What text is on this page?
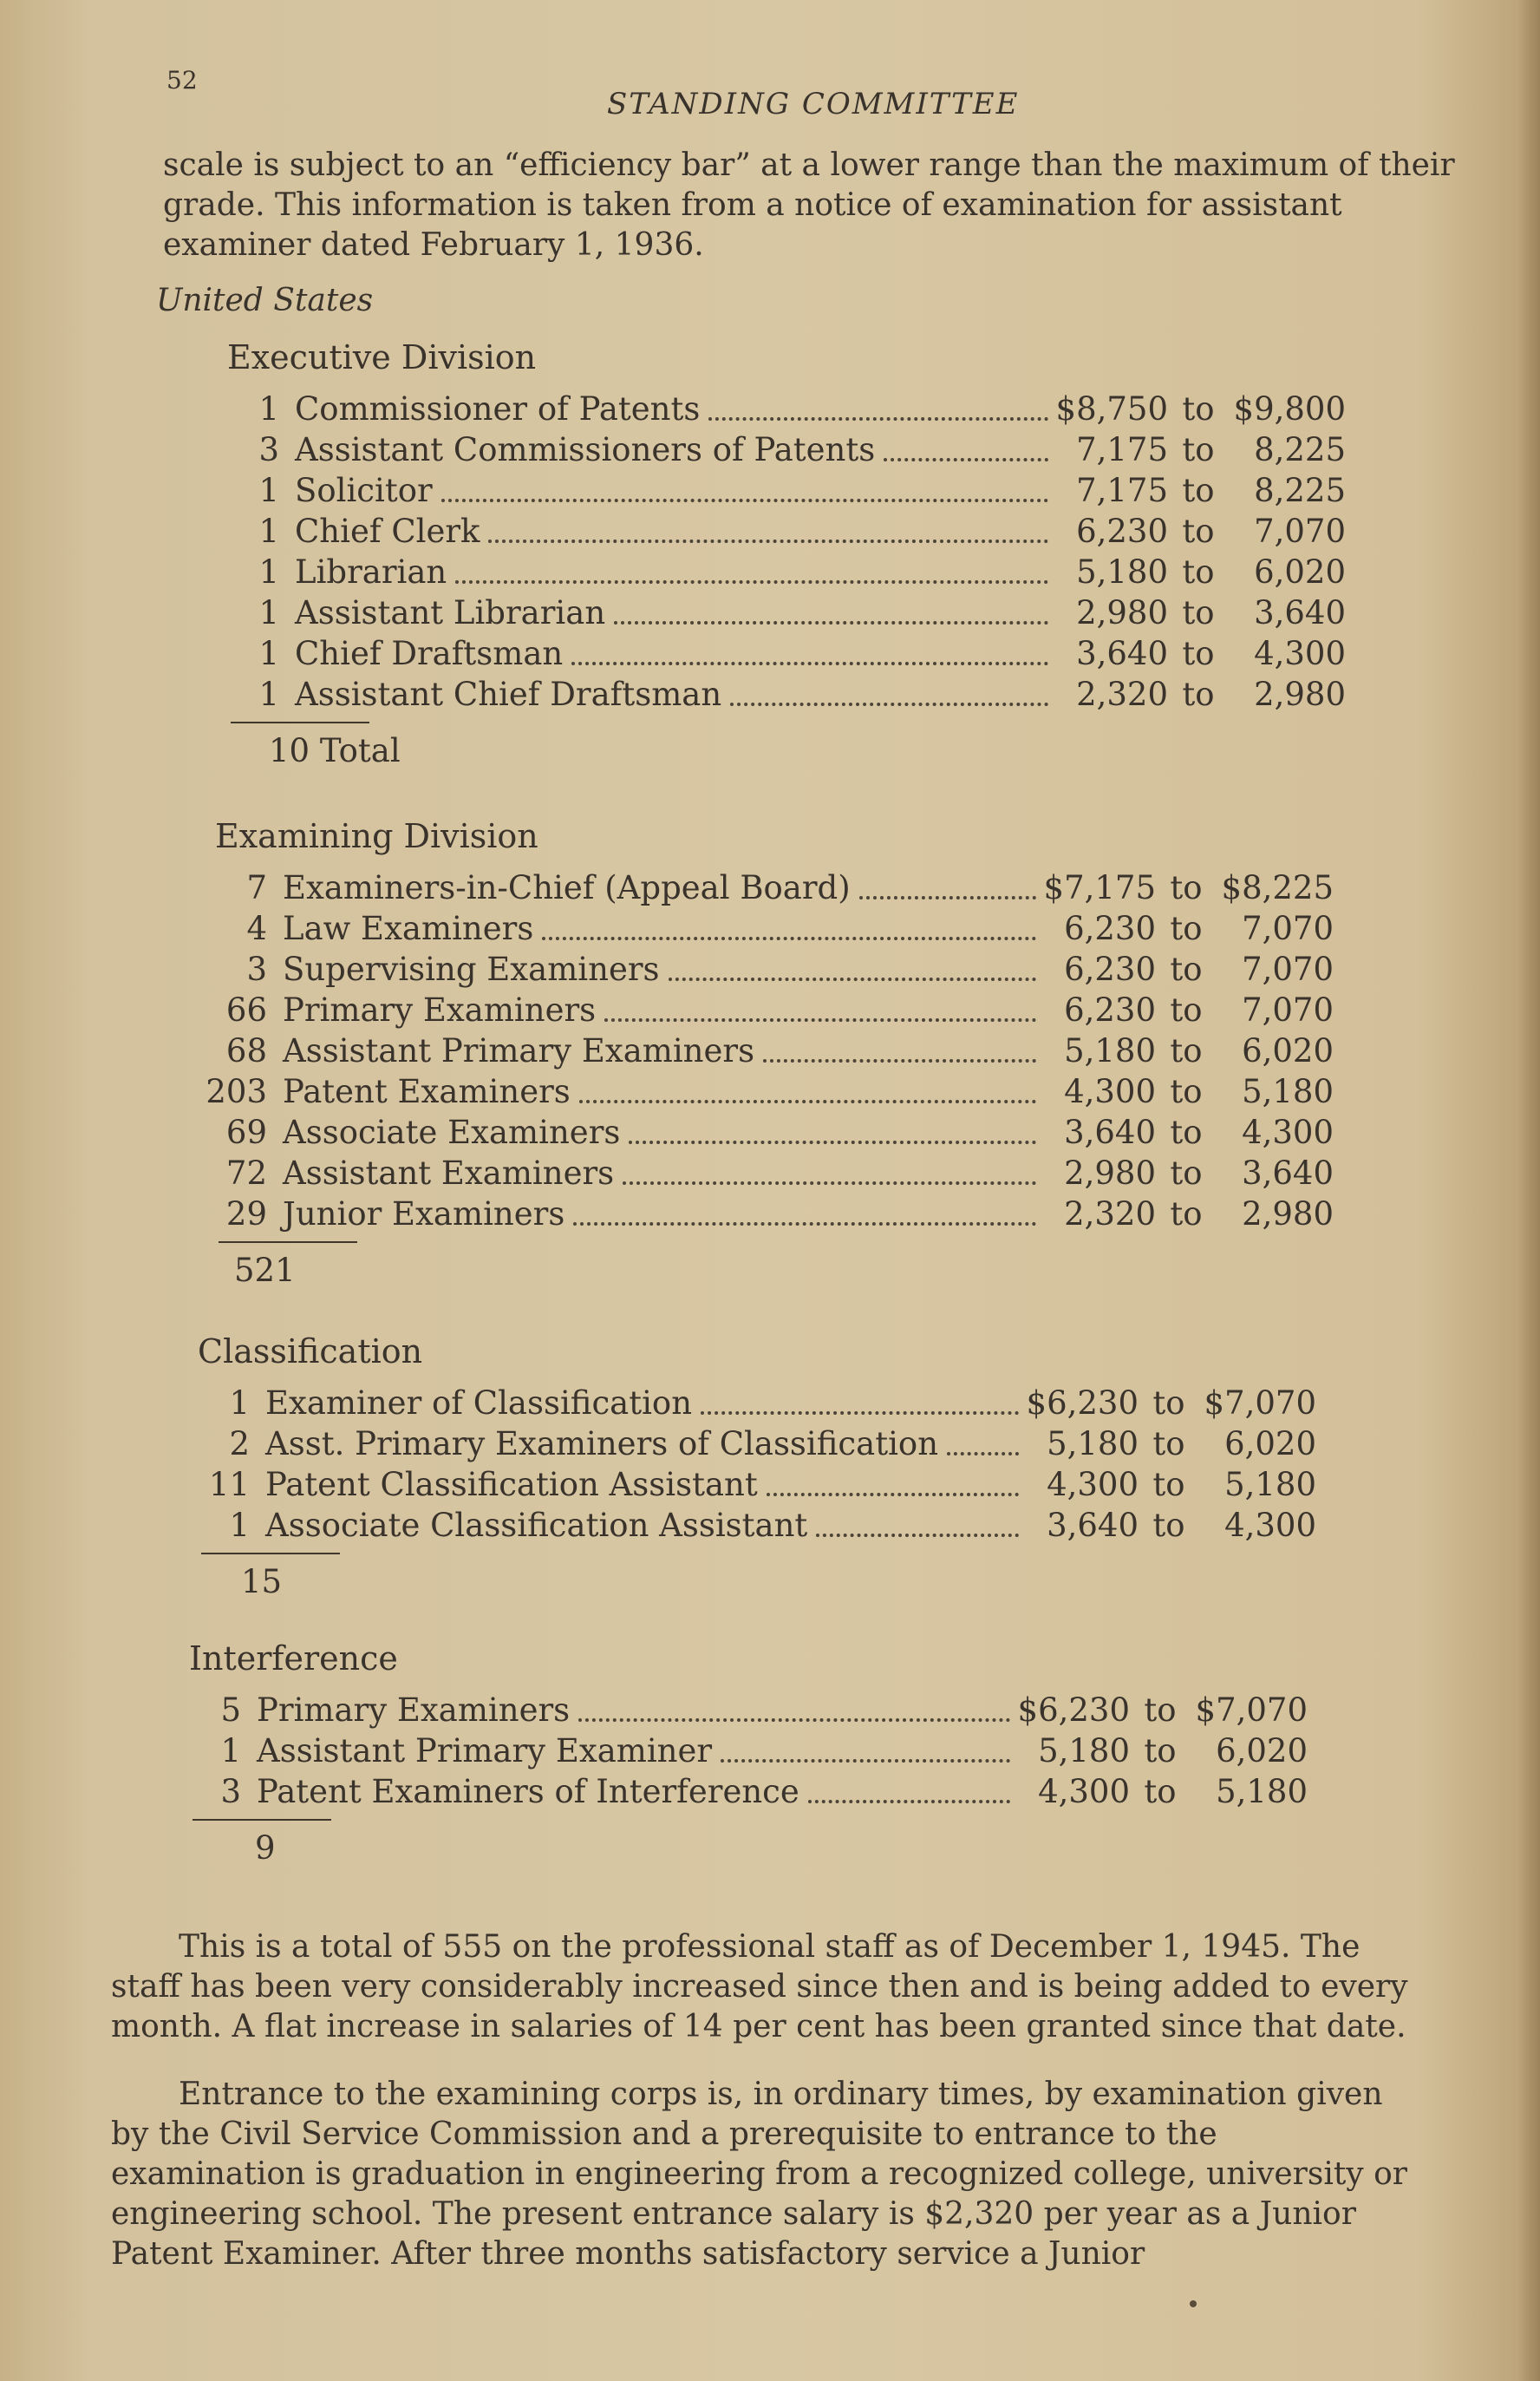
52
STANDING COMMITTEE
scale is subject to an “efficiency bar” at a lower range than the maximum of their grade. This information is taken from a notice of examination for assistant examiner dated February 1, 1936.
United States
Executive Division
1 Commissioner of Patents	$8,750 to $9,800
3 Assistant Commissioners of Patents	7,175 to 8,225
1 Solicitor	7,175 to 8,225
1 Chief Clerk	6,230 to 7,070
1 Librarian	5,180 to 6,020
1 Assistant Librarian	2,980 to 3,640
1 Chief Draftsman	3,640 to 4,300
1 Assistant Chief Draftsman	2,320 to 2,980
10 Total
Examining Division
7 Examiners-in-Chief (Appeal Board)	$7,175 to $8,225
4 Law Examiners	6,230 to 7,070
3 Supervising Examiners	6,230 to 7,070
66 Primary Examiners	6,230 to 7,070
68 Assistant Primary Examiners	5,180 to 6,020
203 Patent Examiners	4,300 to 5,180
69 Associate Examiners	3,640 to 4,300
72 Assistant Examiners	2,980 to 3,640
29 Junior Examiners	2,320 to 2,980
521
Classification
1 Examiner of Classification	$6,230 to $7,070
2 Asst. Primary Examiners of Classification	5,180 to 6,020
11 Patent Classification Assistant	4,300 to 5,180
1 Associate Classification Assistant	3,640 to 4,300
15
Interference
5 Primary Examiners	$6,230 to $7,070
1 Assistant Primary Examiner	5,180 to 6,020
3 Patent Examiners of Interference	4,300 to 5,180
9
This is a total of 555 on the professional staff as of December 1, 1945. The staff has been very considerably increased since then and is being added to every month. A flat increase in salaries of 14 per cent has been granted since that date.
Entrance to the examining corps is, in ordinary times, by examination given by the Civil Service Commission and a prerequisite to entrance to the examination is graduation in engineering from a recognized college, university or engineering school. The present entrance salary is $2,320 per year as a Junior Patent Examiner. After three months satisfactory service a Junior
